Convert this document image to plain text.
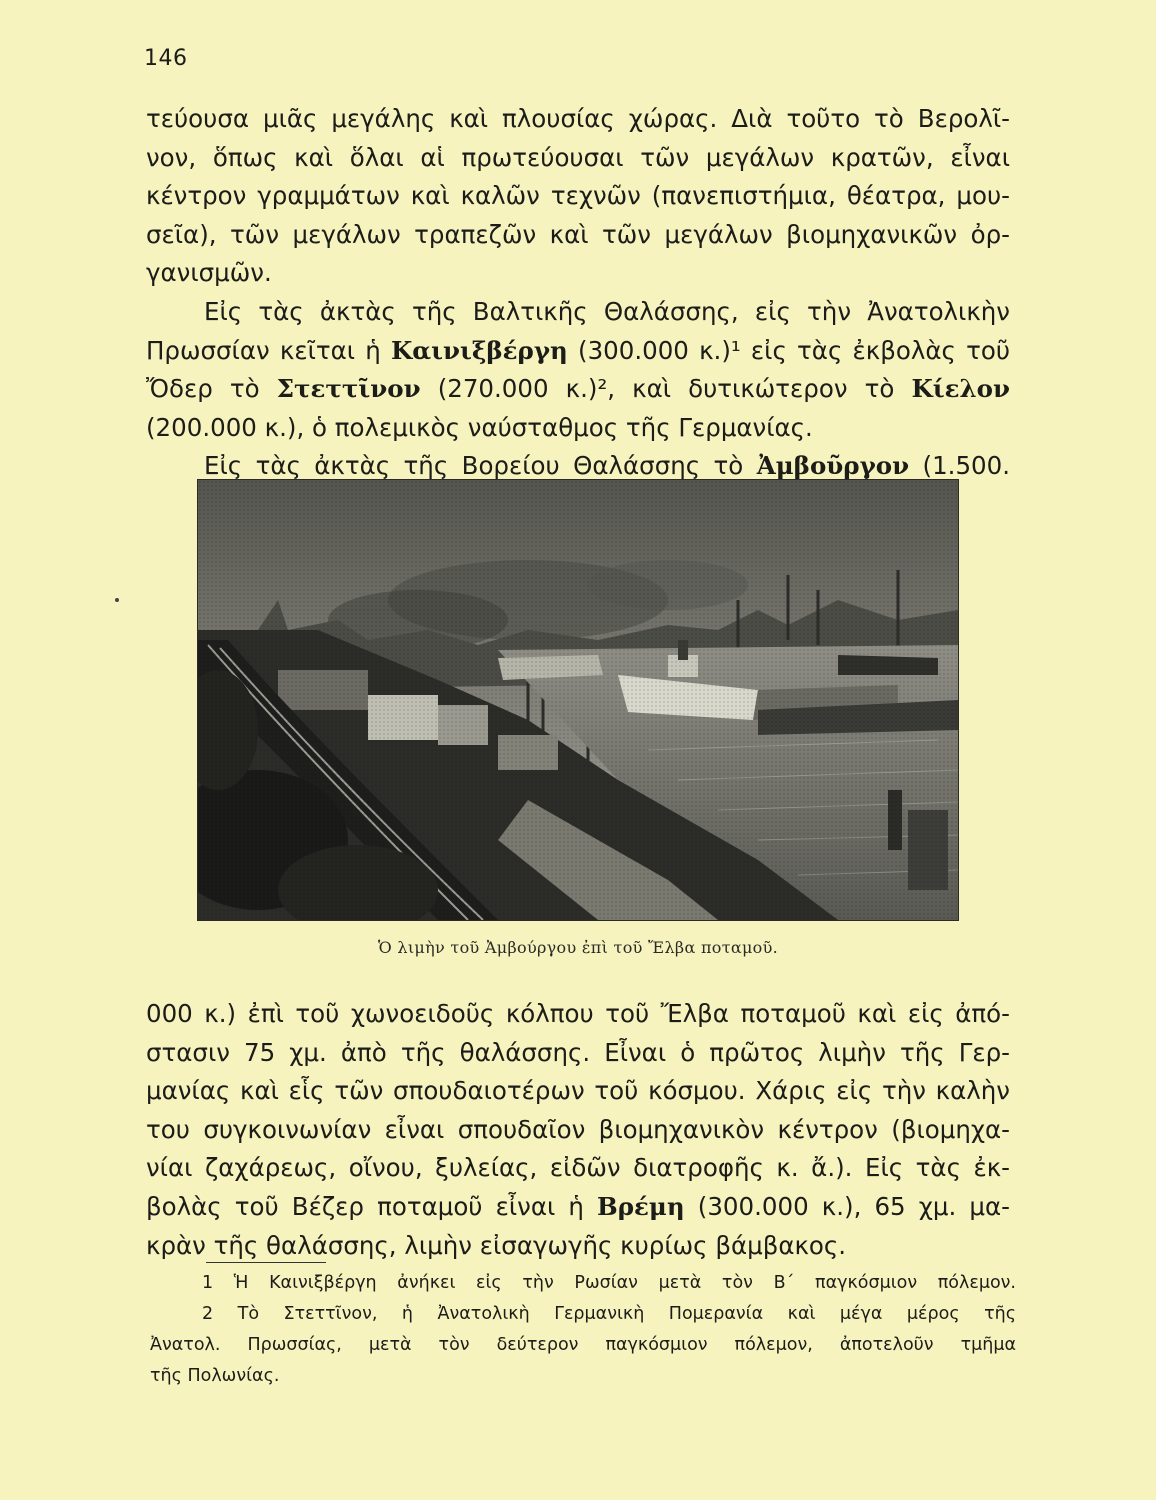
146
τεύουσα μιᾶς μεγάλης καὶ πλουσίας χώρας. Διὰ τοῦτο τὸ Βερολῖ-
νον, ὅπως καὶ ὅλαι αἱ πρωτεύουσαι τῶν μεγάλων κρατῶν, εἶναι
κέντρον γραμμάτων καὶ καλῶν τεχνῶν (πανεπιστήμια, θέατρα, μου-
σεῖα), τῶν μεγάλων τραπεζῶν καὶ τῶν μεγάλων βιομηχανικῶν ὀρ-
γανισμῶν.
Εἰς τὰς ἀκτὰς τῆς Βαλτικῆς Θαλάσσης, εἰς τὴν Ἀνατολικὴν
Πρωσσίαν κεῖται ἡ Καινιξβέργη (300.000 κ.)¹ εἰς τὰς ἐκβολὰς τοῦ
Ὄδερ τὸ Στεττῖνον (270.000 κ.)², καὶ δυτικώτερον τὸ Κίελον
(200.000 κ.), ὁ πολεμικὸς ναύσταθμος τῆς Γερμανίας.
Εἰς τὰς ἀκτὰς τῆς Βορείου Θαλάσσης τὸ Ἀμβοῦργον (1.500.
Ὁ λιμὴν τοῦ Ἀμβούργου ἐπὶ τοῦ Ἔλβα ποταμοῦ.
000 κ.) ἐπὶ τοῦ χωνοειδοῦς κόλπου τοῦ Ἔλβα ποταμοῦ καὶ εἰς ἀπό-
στασιν 75 χμ. ἀπὸ τῆς θαλάσσης. Εἶναι ὁ πρῶτος λιμὴν τῆς Γερ-
μανίας καὶ εἷς τῶν σπουδαιοτέρων τοῦ κόσμου. Χάρις εἰς τὴν καλὴν
του συγκοινωνίαν εἶναι σπουδαῖον βιομηχανικὸν κέντρον (βιομηχα-
νίαι ζαχάρεως, οἴνου, ξυλείας, εἰδῶν διατροφῆς κ. ἄ.). Εἰς τὰς ἐκ-
βολὰς τοῦ Βέζερ ποταμοῦ εἶναι ἡ Βρέμη (300.000 κ.), 65 χμ. μα-
κρὰν τῆς θαλάσσης, λιμὴν εἰσαγωγῆς κυρίως βάμβακος.
1 Ἡ Καινιξβέργη ἀνήκει εἰς τὴν Ρωσίαν μετὰ τὸν Β΄ παγκόσμιον πόλεμον.
2 Τὸ Στεττῖνον, ἡ Ἀνατολικὴ Γερμανικὴ Πομερανία καὶ μέγα μέρος τῆς
Ἀνατολ. Πρωσσίας, μετὰ τὸν δεύτερον παγκόσμιον πόλεμον, ἀποτελοῦν τμῆμα
τῆς Πολωνίας.
